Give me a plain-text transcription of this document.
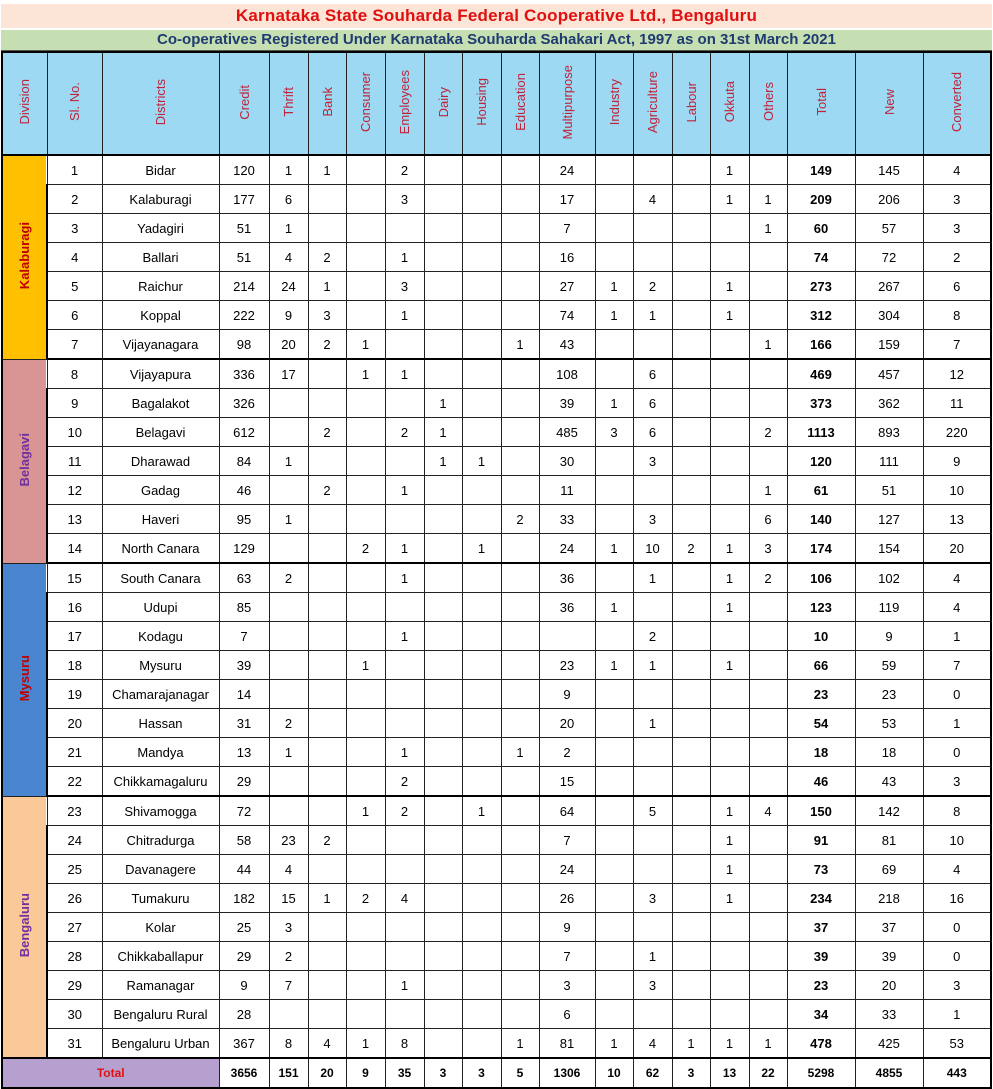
Karnataka State Souharda Federal Cooperative Ltd., Bengaluru
Co-operatives Registered Under Karnataka Souharda Sahakari Act, 1997 as on 31st March 2021
Division	Sl. No.	Districts	Credit	Thrift	Bank	Consumer	Employees	Dairy	Housing	Education	Multipurpose	Industry	Agriculture	Labour	Okkuta	Others	Total	New	Converted
Kalaburagi	1	Bidar	120	1	1		2				24				1		149	145	4
	2	Kalaburagi	177	6			3				17		4		1	1	209	206	3
	3	Yadagiri	51	1							7					1	60	57	3
	4	Ballari	51	4	2		1				16						74	72	2
	5	Raichur	214	24	1		3				27	1	2		1		273	267	6
	6	Koppal	222	9	3		1				74	1	1		1		312	304	8
	7	Vijayanagara	98	20	2	1				1	43					1	166	159	7
Belagavi	8	Vijayapura	336	17		1	1				108		6				469	457	12
	9	Bagalakot	326					1			39	1	6				373	362	11
	10	Belagavi	612		2		2	1			485	3	6			2	1113	893	220
	11	Dharawad	84	1				1	1		30		3				120	111	9
	12	Gadag	46		2		1				11					1	61	51	10
	13	Haveri	95	1						2	33		3			6	140	127	13
	14	North Canara	129			2	1		1		24	1	10	2	1	3	174	154	20
Mysuru	15	South Canara	63	2			1				36		1		1	2	106	102	4
	16	Udupi	85								36	1			1		123	119	4
	17	Kodagu	7				1						2				10	9	1
	18	Mysuru	39			1					23	1	1		1		66	59	7
	19	Chamarajanagar	14								9						23	23	0
	20	Hassan	31	2							20		1				54	53	1
	21	Mandya	13	1			1			1	2						18	18	0
	22	Chikkamagaluru	29				2				15						46	43	3
Bengaluru	23	Shivamogga	72			1	2		1		64		5		1	4	150	142	8
	24	Chitradurga	58	23	2						7				1		91	81	10
	25	Davanagere	44	4							24				1		73	69	4
	26	Tumakuru	182	15	1	2	4				26		3		1		234	218	16
	27	Kolar	25	3							9						37	37	0
	28	Chikkaballapur	29	2							7		1				39	39	0
	29	Ramanagar	9	7			1				3		3				23	20	3
	30	Bengaluru Rural	28								6						34	33	1
	31	Bengaluru Urban	367	8	4	1	8			1	81	1	4	1	1	1	478	425	53
Total			3656	151	20	9	35	3	3	5	1306	10	62	3	13	22	5298	4855	443
